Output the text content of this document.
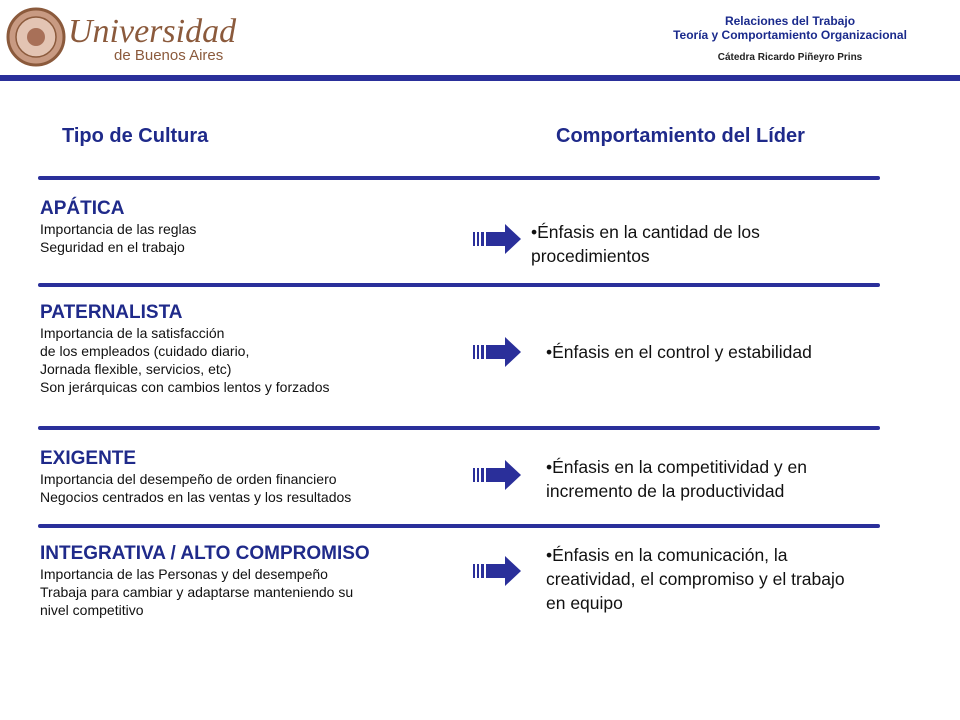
Universidad
de Buenos Aires
Relaciones del Trabajo
Teoría y Comportamiento Organizacional
Cátedra Ricardo Piñeyro Prins
Tipo de Cultura	Comportamiento del Líder
APÁTICA
Importancia de las reglas
Seguridad en el trabajo
•Énfasis en la cantidad de los
procedimientos
PATERNALISTA
Importancia de la satisfacción
de los empleados (cuidado diario,
Jornada flexible, servicios, etc)
Son jerárquicas con cambios lentos y forzados
•Énfasis en el control y estabilidad
EXIGENTE
Importancia del desempeño de orden financiero
Negocios centrados en las ventas y los resultados
•Énfasis en la competitividad y en
incremento de la productividad
INTEGRATIVA / ALTO COMPROMISO
Importancia de las Personas y del desempeño
Trabaja para cambiar y adaptarse manteniendo su
nivel competitivo
•Énfasis en la comunicación, la
creatividad, el compromiso y el trabajo
en equipo
